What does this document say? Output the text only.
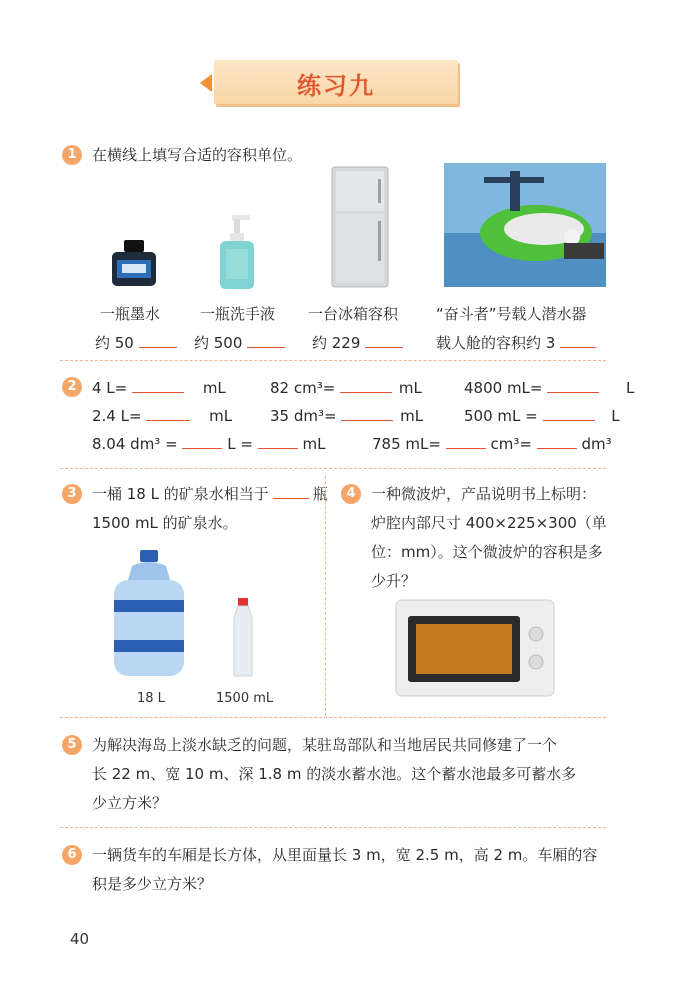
练习九
1	在横线上填写合适的容积单位。
一瓶墨水
约 50
一瓶洗手液
约 500
一台冰箱容积
约 229
“奋斗者”号载人潜水器
载人舱的容积约 3
2	4 L=	mL	82 cm³=	mL	4800 mL=	L
2.4 L=	mL	35 dm³=	mL	500 mL =	L
8.04 dm³ =	L =	mL	785 mL=	cm³=	dm³
3	一桶 18 L 的矿泉水相当于	瓶
1500 mL 的矿泉水。
18 L	1500 mL
4	一种微波炉，产品说明书上标明：
炉腔内部尺寸 400×225×300（单
位：mm）。这个微波炉的容积是多
少升？
5	为解决海岛上淡水缺乏的问题，某驻岛部队和当地居民共同修建了一个
长 22 m、宽 10 m、深 1.8 m 的淡水蓄水池。这个蓄水池最多可蓄水多
少立方米？
6	一辆货车的车厢是长方体，从里面量长 3 m，宽 2.5 m，高 2 m。车厢的容
积是多少立方米？
40
